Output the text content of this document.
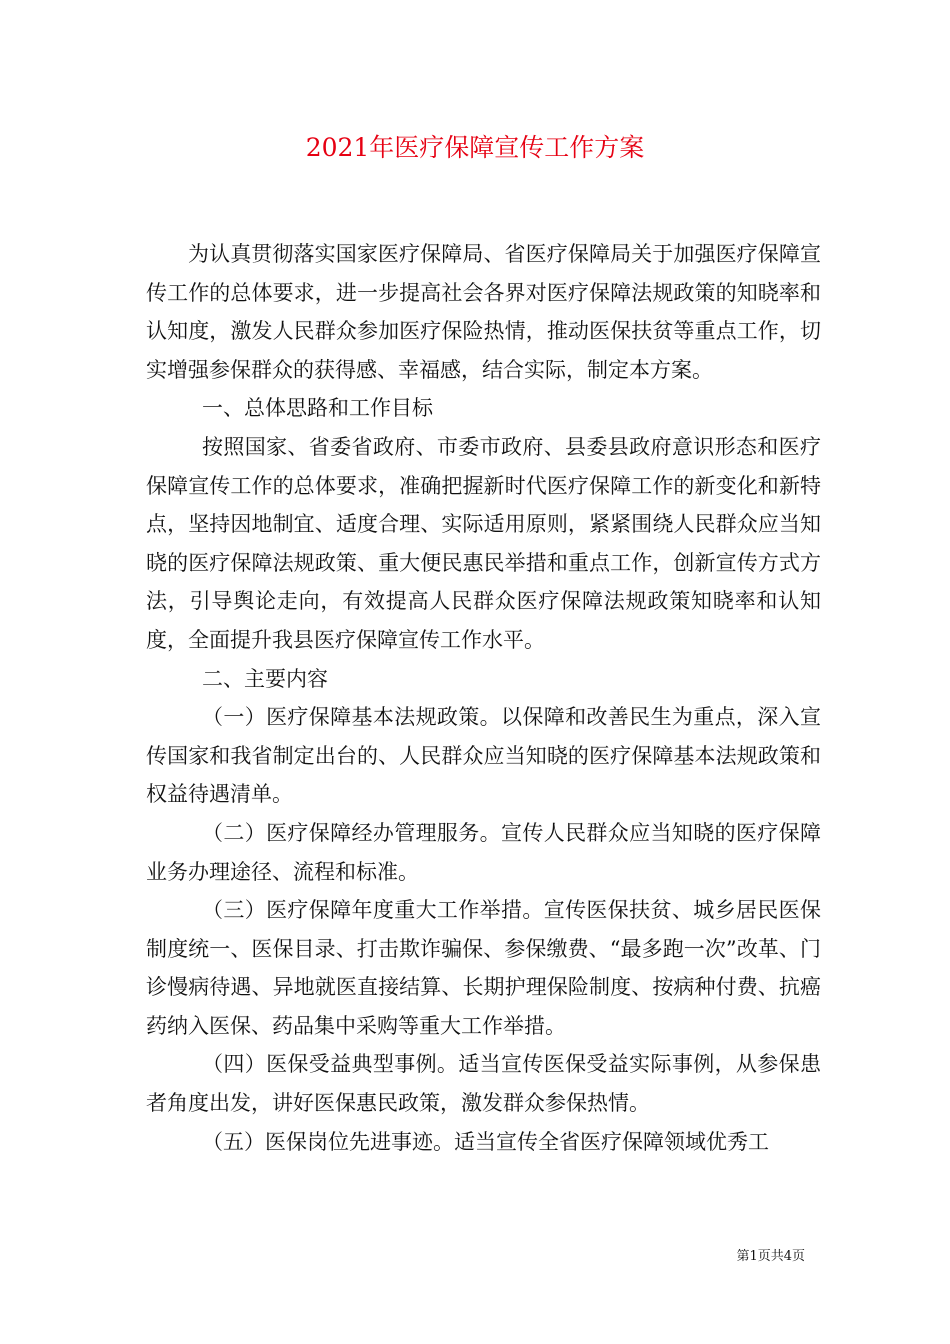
2021年医疗保障宣传工作方案

为认真贯彻落实国家医疗保障局、省医疗保障局关于加强医疗保障宣传工作的总体要求，进一步提高社会各界对医疗保障法规政策的知晓率和认知度，激发人民群众参加医疗保险热情，推动医保扶贫等重点工作，切实增强参保群众的获得感、幸福感，结合实际，制定本方案。

一、总体思路和工作目标

按照国家、省委省政府、市委市政府、县委县政府意识形态和医疗保障宣传工作的总体要求，准确把握新时代医疗保障工作的新变化和新特点，坚持因地制宜、适度合理、实际适用原则，紧紧围绕人民群众应当知晓的医疗保障法规政策、重大便民惠民举措和重点工作，创新宣传方式方法，引导舆论走向，有效提高人民群众医疗保障法规政策知晓率和认知度，全面提升我县医疗保障宣传工作水平。

二、主要内容

（一）医疗保障基本法规政策。以保障和改善民生为重点，深入宣传国家和我省制定出台的、人民群众应当知晓的医疗保障基本法规政策和权益待遇清单。

（二）医疗保障经办管理服务。宣传人民群众应当知晓的医疗保障业务办理途径、流程和标准。

（三）医疗保障年度重大工作举措。宣传医保扶贫、城乡居民医保制度统一、医保目录、打击欺诈骗保、参保缴费、“最多跑一次”改革、门诊慢病待遇、异地就医直接结算、长期护理保险制度、按病种付费、抗癌药纳入医保、药品集中采购等重大工作举措。

（四）医保受益典型事例。适当宣传医保受益实际事例，从参保患者角度出发，讲好医保惠民政策，激发群众参保热情。

（五）医保岗位先进事迹。适当宣传全省医疗保障领域优秀工

第1页共4页
